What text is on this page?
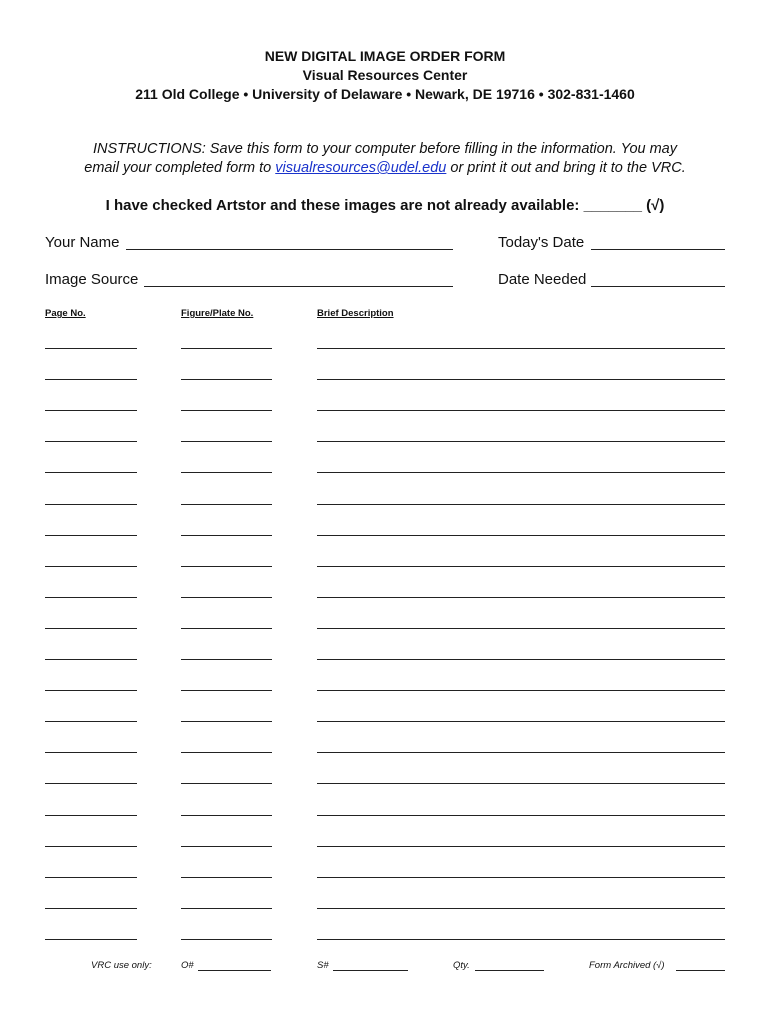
NEW DIGITAL IMAGE ORDER FORM
Visual Resources Center
211 Old College • University of Delaware • Newark, DE 19716 • 302-831-1460
INSTRUCTIONS: Save this form to your computer before filling in the information. You may
email your completed form to visualresources@udel.edu or print it out and bring it to the VRC.
I have checked Artstor and these images are not already available: _______ (√)
Your Name	Today's Date
Image Source	Date Needed
Page No.	Figure/Plate No.	Brief Description
VRC use only:	O#	S#	Qty.	Form Archived (√)
